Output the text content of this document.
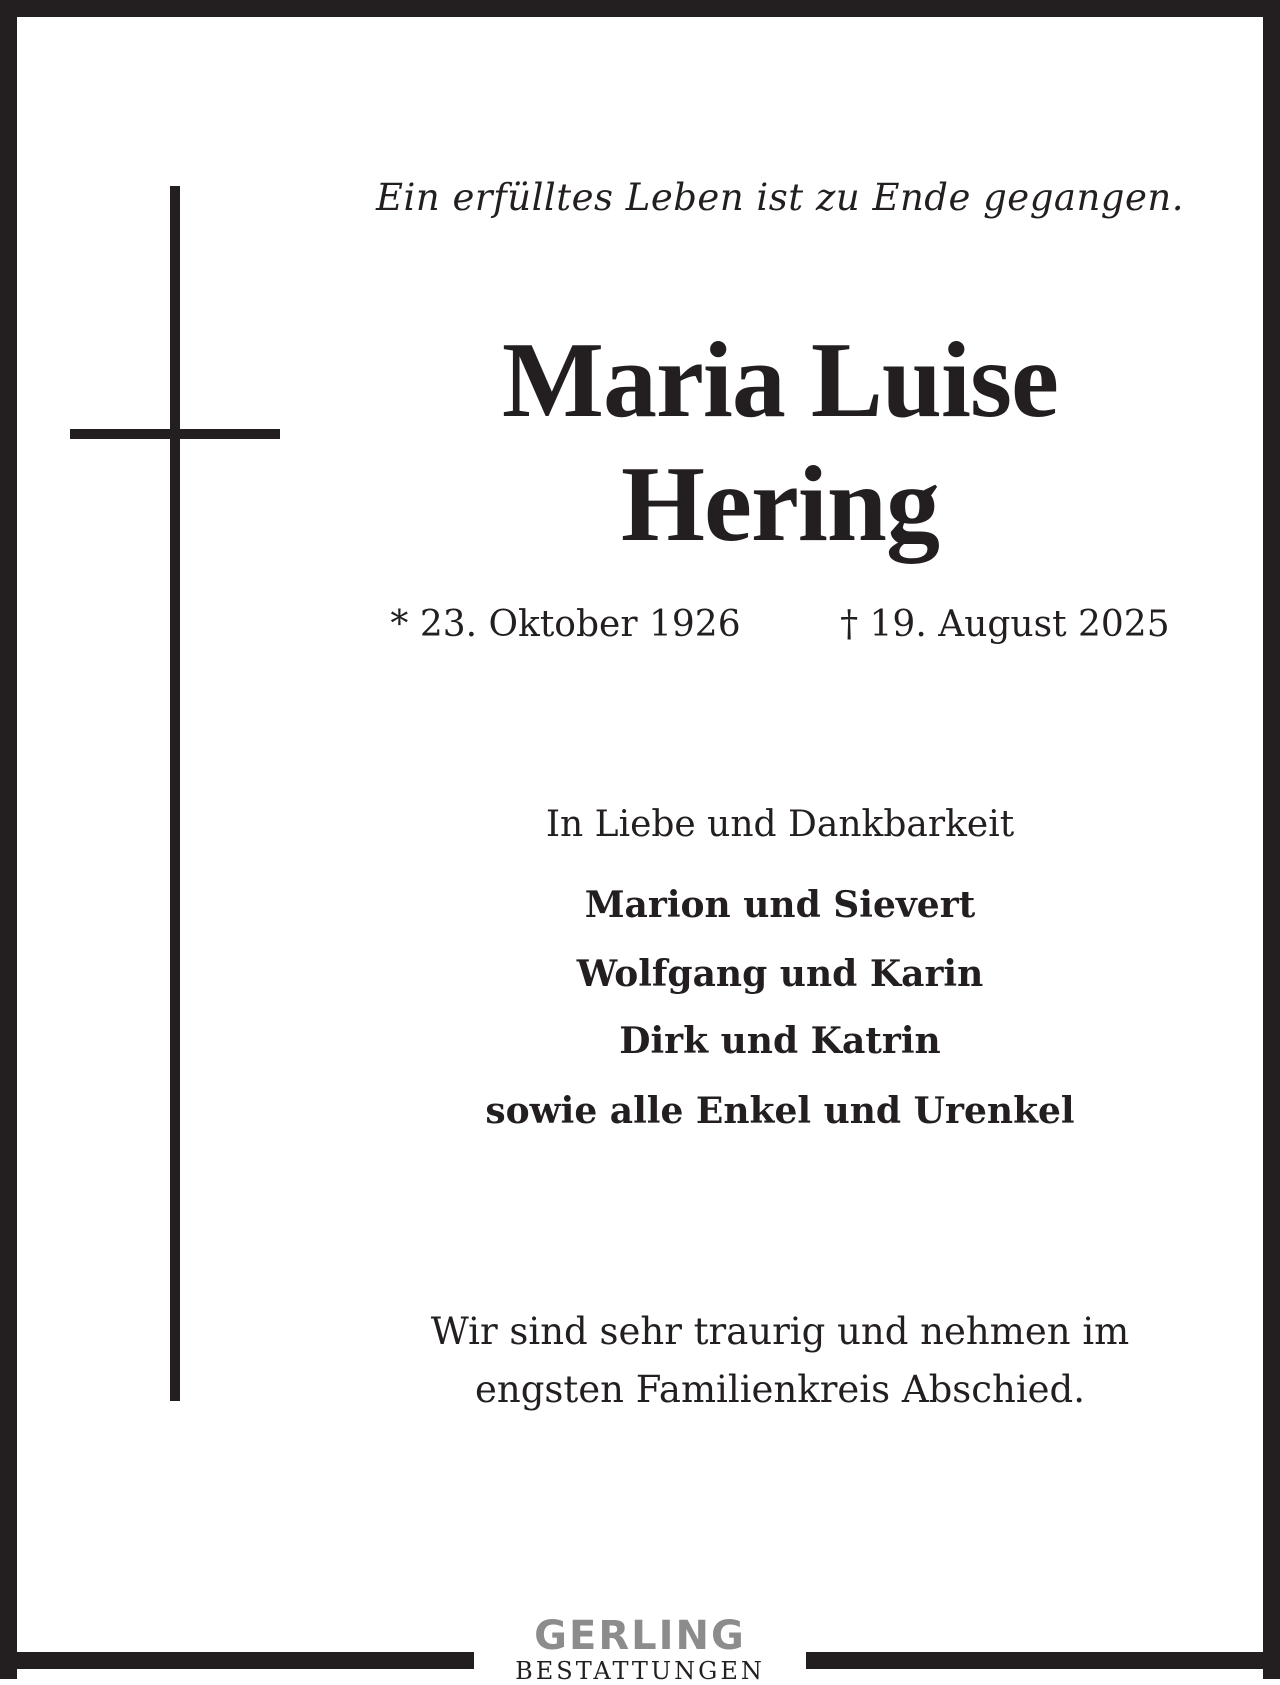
Ein erfülltes Leben ist zu Ende gegangen.
Maria Luise
Hering
* 23. Oktober 1926	† 19. August 2025
In Liebe und Dankbarkeit
Marion und Sievert
Wolfgang und Karin
Dirk und Katrin
sowie alle Enkel und Urenkel
Wir sind sehr traurig und nehmen im
engsten Familienkreis Abschied.
GERLING
BESTATTUNGEN
